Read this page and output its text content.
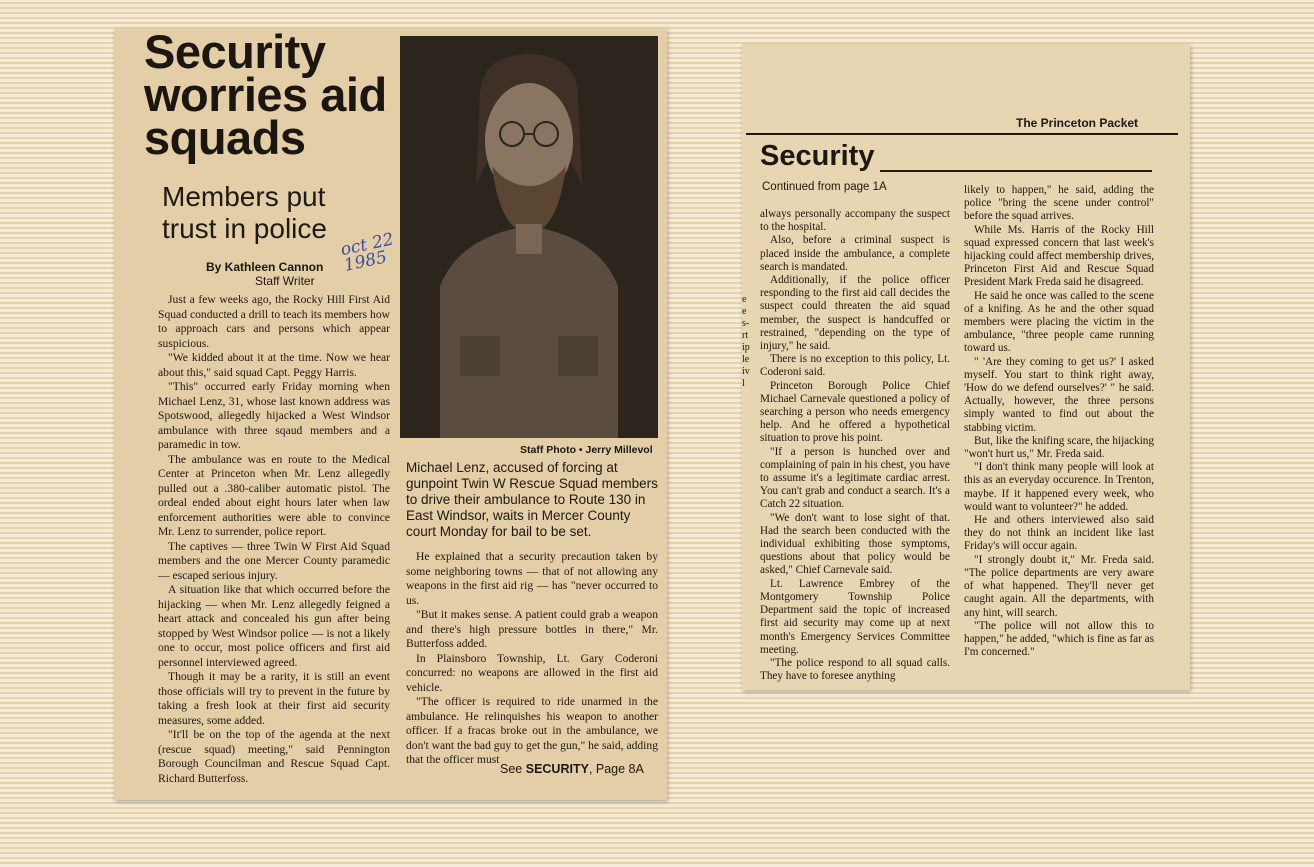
Security worries aid squads
Members put trust in police
By Kathleen Cannon
Staff Writer
oct 22 1985

Just a few weeks ago, the Rocky Hill First Aid Squad conducted a drill to teach its members how to approach cars and persons which appear suspicious.

"We kidded about it at the time. Now we hear about this," said squad Capt. Peggy Harris.

"This" occurred early Friday morning when Michael Lenz, 31, whose last known address was Spotswood, allegedly hijacked a West Windsor ambulance with three sqaud members and a paramedic in tow.

The ambulance was en route to the Medical Center at Princeton when Mr. Lenz allegedly pulled out a .380-caliber automatic pistol. The ordeal ended about eight hours later when law enforcement authorities were able to convince Mr. Lenz to surrender, police report.

The captives — three Twin W First Aid Squad members and the one Mercer County paramedic — escaped serious injury.

A situation like that which occurred before the hijacking — when Mr. Lenz allegedly feigned a heart attack and concealed his gun after being stopped by West Windsor police — is not a likely one to occur, most police officers and first aid personnel interviewed agreed.

Though it may be a rarity, it is still an event those officials will try to prevent in the future by taking a fresh look at their first aid security measures, some added.

"It'll be on the top of the agenda at the next (rescue squad) meeting," said Pennington Borough Councilman and Rescue Squad Capt. Richard Butterfoss.

Staff Photo • Jerry Millevol
Michael Lenz, accused of forcing at gunpoint Twin W Rescue Squad members to drive their ambulance to Route 130 in East Windsor, waits in Mercer County court Monday for bail to be set.

He explained that a security precaution taken by some neighboring towns — that of not allowing any weapons in the first aid rig — has "never occurred to us.

"But it makes sense. A patient could grab a weapon and there's high pressure bottles in there," Mr. Butterfoss added.

In Plainsboro Township, Lt. Gary Coderoni concurred: no weapons are allowed in the first aid vehicle.

"The officer is required to ride unarmed in the ambulance. He relinquishes his weapon to another officer. If a fracas broke out in the ambulance, we don't want the bad guy to get the gun," he said, adding that the officer must

See SECURITY, Page 8A
The Princeton Packet
Security
Continued from page 1A
e e s- rt ip le iv l

always personally accompany the suspect to the hospital.

Also, before a criminal suspect is placed inside the ambulance, a complete search is mandated.

Additionally, if the police officer responding to the first aid call decides the suspect could threaten the aid squad member, the suspect is handcuffed or restrained, "depending on the type of injury," he said.

There is no exception to this policy, Lt. Coderoni said.

Princeton Borough Police Chief Michael Carnevale questioned a policy of searching a person who needs emergency help. And he offered a hypothetical situation to prove his point.

"If a person is hunched over and complaining of pain in his chest, you have to assume it's a legitimate cardiac arrest. You can't grab and conduct a search. It's a Catch 22 situation.

"We don't want to lose sight of that. Had the search been conducted with the individual exhibiting those symptoms, questions about that policy would be asked," Chief Carnevale said.

Lt. Lawrence Embrey of the Montgomery Township Police Department said the topic of increased first aid security may come up at next month's Emergency Services Committee meeting.

"The police respond to all squad calls. They have to foresee anything

likely to happen," he said, adding the police "bring the scene under control" before the squad arrives.

While Ms. Harris of the Rocky Hill squad expressed concern that last week's hijacking could affect membership drives, Princeton First Aid and Rescue Squad President Mark Freda said he disagreed.

He said he once was called to the scene of a knifing. As he and the other squad members were placing the victim in the ambulance, "three people came running toward us.

" 'Are they coming to get us?' I asked myself. You start to think right away, 'How do we defend ourselves?' " he said. Actually, however, the three persons simply wanted to find out about the stabbing victim.

But, like the knifing scare, the hijacking "won't hurt us," Mr. Freda said.

"I don't think many people will look at this as an everyday occurence. In Trenton, maybe. If it happened every week, who would want to volunteer?" he added.

He and others interviewed also said they do not think an incident like last Friday's will occur again.

"I strongly doubt it," Mr. Freda said. "The police departments are very aware of what happened. They'll never get caught again. All the departments, with any hint, will search.

"The police will not allow this to happen," he added, "which is fine as far as I'm concerned."
